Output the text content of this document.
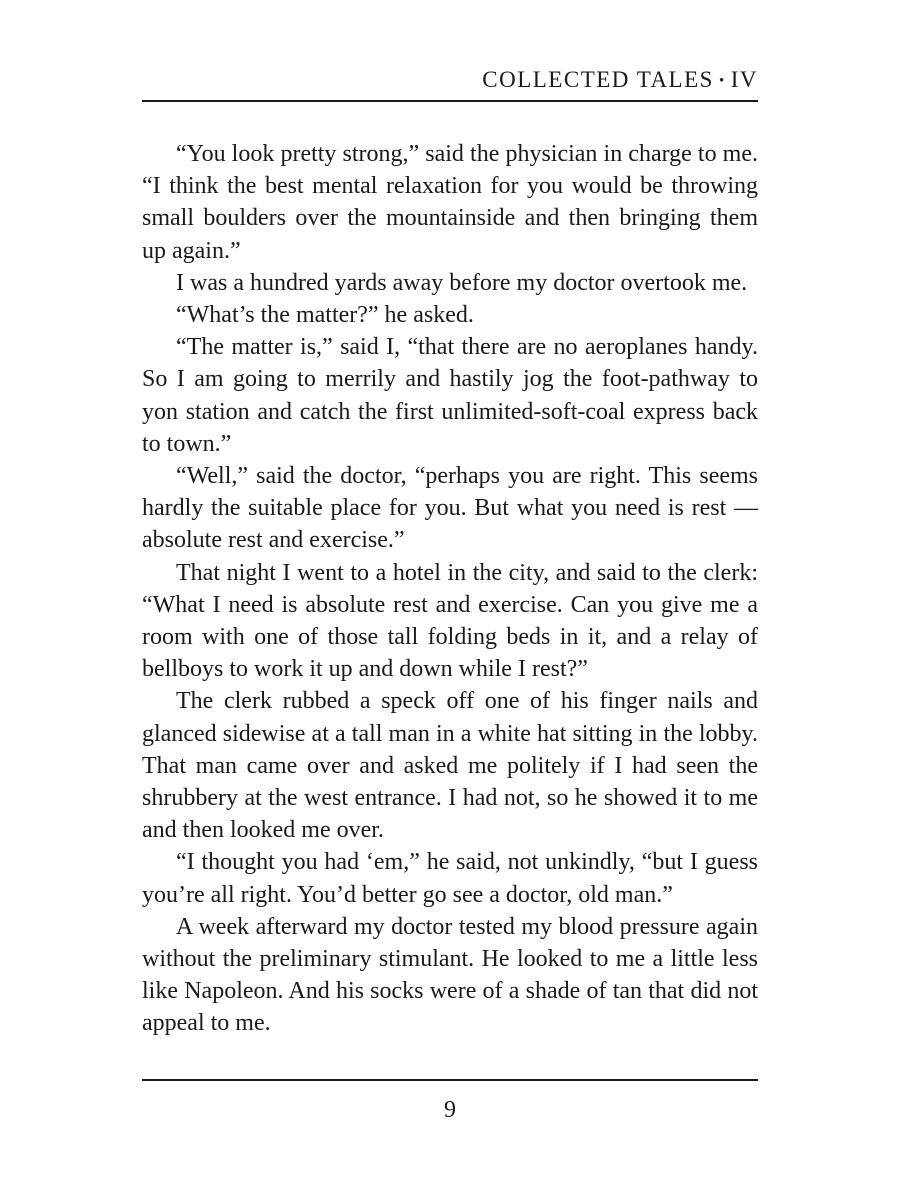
COLLECTED TALES • IV

“You look pretty strong,” said the physician in charge to me. “I think the best mental relaxation for you would be throwing small boulders over the mountainside and then bringing them up again.”

I was a hundred yards away before my doctor overtook me.

“What’s the matter?” he asked.

“The matter is,” said I, “that there are no aeroplanes handy. So I am going to merrily and hastily jog the foot-pathway to yon station and catch the first unlimited-soft-coal express back to town.”

“Well,” said the doctor, “perhaps you are right. This seems hardly the suitable place for you. But what you need is rest — absolute rest and exercise.”

That night I went to a hotel in the city, and said to the clerk: “What I need is absolute rest and exercise. Can you give me a room with one of those tall folding beds in it, and a relay of bellboys to work it up and down while I rest?”

The clerk rubbed a speck off one of his finger nails and glanced sidewise at a tall man in a white hat sitting in the lobby. That man came over and asked me politely if I had seen the shrubbery at the west entrance. I had not, so he showed it to me and then looked me over.

“I thought you had ‘em,” he said, not unkindly, “but I guess you’re all right. You’d better go see a doctor, old man.”

A week afterward my doctor tested my blood pressure again without the preliminary stimulant. He looked to me a little less like Napoleon. And his socks were of a shade of tan that did not appeal to me.

9
